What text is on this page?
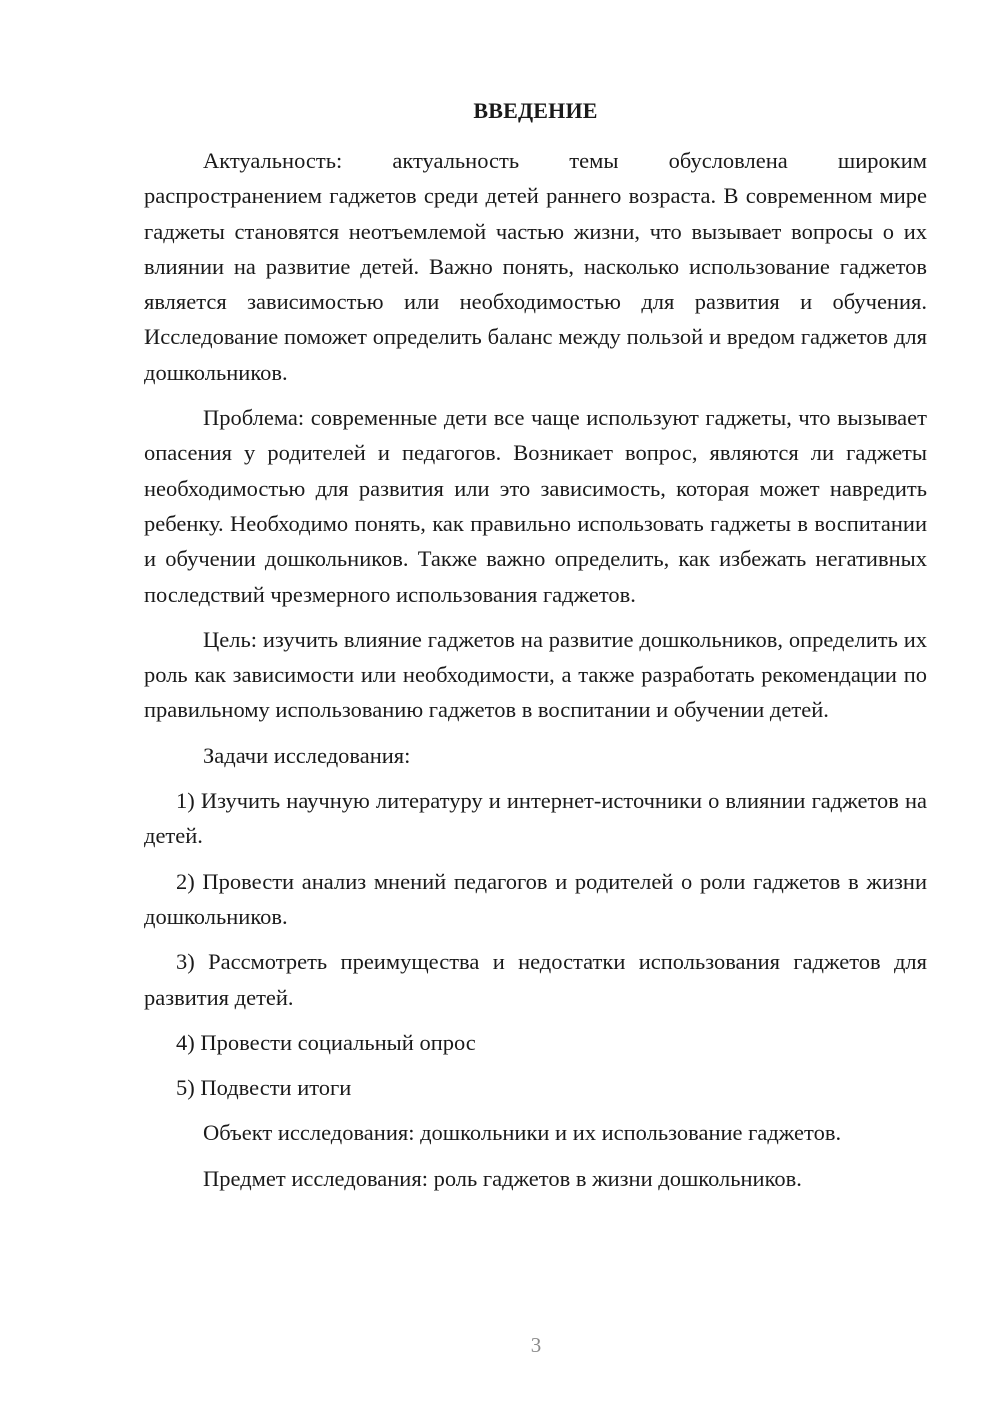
ВВЕДЕНИЕ

Актуальность: актуальность темы обусловлена широким распространением гаджетов среди детей раннего возраста. В современном мире гаджеты становятся неотъемлемой частью жизни, что вызывает вопросы о их влиянии на развитие детей. Важно понять, насколько использование гаджетов является зависимостью или необходимостью для развития и обучения. Исследование поможет определить баланс между пользой и вредом гаджетов для дошкольников.

Проблема: современные дети все чаще используют гаджеты, что вызывает опасения у родителей и педагогов. Возникает вопрос, являются ли гаджеты необходимостью для развития или это зависимость, которая может навредить ребенку. Необходимо понять, как правильно использовать гаджеты в воспитании и обучении дошкольников. Также важно определить, как избежать негативных последствий чрезмерного использования гаджетов.

Цель: изучить влияние гаджетов на развитие дошкольников, определить их роль как зависимости или необходимости, а также разработать рекомендации по правильному использованию гаджетов в воспитании и обучении детей.

Задачи исследования:

1) Изучить научную литературу и интернет-источники о влиянии гаджетов на детей.

2) Провести анализ мнений педагогов и родителей о роли гаджетов в жизни дошкольников.

3) Рассмотреть преимущества и недостатки использования гаджетов для развития детей.

4) Провести социальный опрос

5) Подвести итоги

Объект исследования: дошкольники и их использование гаджетов.

Предмет исследования: роль гаджетов в жизни дошкольников.

3
